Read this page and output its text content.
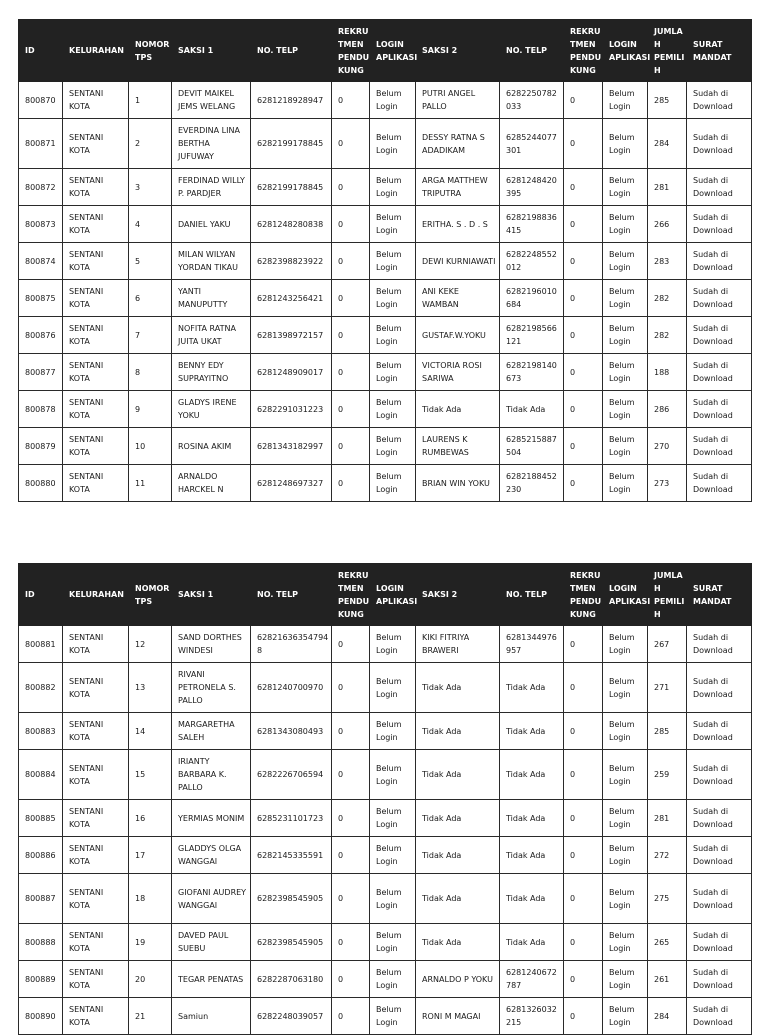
ID	KELURAHAN	NOMOR TPS	SAKSI 1	NO. TELP	REKRU TMEN PENDU KUNG	LOGIN APLIKASI	SAKSI 2	NO. TELP	REKRU TMEN PENDU KUNG	LOGIN APLIKASI	JUMLA H PEMILI H	SURAT MANDAT
800870	SENTANI KOTA	1	DEVIT MAIKEL JEMS WELANG	6281218928947	0	Belum Login	PUTRI ANGEL PALLO	6282250782033	0	Belum Login	285	Sudah di Download
800871	SENTANI KOTA	2	EVERDINA LINA BERTHA JUFUWAY	6282199178845	0	Belum Login	DESSY RATNA S ADADIKAM	6285244077301	0	Belum Login	284	Sudah di Download
800872	SENTANI KOTA	3	FERDINAD WILLY P. PARDJER	6282199178845	0	Belum Login	ARGA MATTHEW TRIPUTRA	6281248420395	0	Belum Login	281	Sudah di Download
800873	SENTANI KOTA	4	DANIEL YAKU	6281248280838	0	Belum Login	ERITHA. S . D . S	6282198836415	0	Belum Login	266	Sudah di Download
800874	SENTANI KOTA	5	MILAN WILYAN YORDAN TIKAU	6282398823922	0	Belum Login	DEWI KURNIAWATI	6282248552012	0	Belum Login	283	Sudah di Download
800875	SENTANI KOTA	6	YANTI MANUPUTTY	6281243256421	0	Belum Login	ANI KEKE WAMBAN	6282196010684	0	Belum Login	282	Sudah di Download
800876	SENTANI KOTA	7	NOFITA RATNA JUITA UKAT	6281398972157	0	Belum Login	GUSTAF.W.YOKU	6282198566121	0	Belum Login	282	Sudah di Download
800877	SENTANI KOTA	8	BENNY EDY SUPRAYITNO	6281248909017	0	Belum Login	VICTORIA ROSI SARIWA	6282198140673	0	Belum Login	188	Sudah di Download
800878	SENTANI KOTA	9	GLADYS IRENE YOKU	6282291031223	0	Belum Login	Tidak Ada	Tidak Ada	0	Belum Login	286	Sudah di Download
800879	SENTANI KOTA	10	ROSINA AKIM	6281343182997	0	Belum Login	LAURENS K RUMBEWAS	6285215887504	0	Belum Login	270	Sudah di Download
800880	SENTANI KOTA	11	ARNALDO HARCKEL N	6281248697327	0	Belum Login	BRIAN WIN YOKU	6282188452230	0	Belum Login	273	Sudah di Download
ID	KELURAHAN	NOMOR TPS	SAKSI 1	NO. TELP	REKRU TMEN PENDU KUNG	LOGIN APLIKASI	SAKSI 2	NO. TELP	REKRU TMEN PENDU KUNG	LOGIN APLIKASI	JUMLA H PEMILI H	SURAT MANDAT
800881	SENTANI KOTA	12	SAND DORTHES WINDESI	628216363547948	0	Belum Login	KIKI FITRIYA BRAWERI	6281344976957	0	Belum Login	267	Sudah di Download
800882	SENTANI KOTA	13	RIVANI PETRONELA S. PALLO	6281240700970	0	Belum Login	Tidak Ada	Tidak Ada	0	Belum Login	271	Sudah di Download
800883	SENTANI KOTA	14	MARGARETHA SALEH	6281343080493	0	Belum Login	Tidak Ada	Tidak Ada	0	Belum Login	285	Sudah di Download
800884	SENTANI KOTA	15	IRIANTY BARBARA K. PALLO	6282226706594	0	Belum Login	Tidak Ada	Tidak Ada	0	Belum Login	259	Sudah di Download
800885	SENTANI KOTA	16	YERMIAS MONIM	6285231101723	0	Belum Login	Tidak Ada	Tidak Ada	0	Belum Login	281	Sudah di Download
800886	SENTANI KOTA	17	GLADDYS OLGA WANGGAI	6282145335591	0	Belum Login	Tidak Ada	Tidak Ada	0	Belum Login	272	Sudah di Download
800887	SENTANI KOTA	18	GIOFANI AUDREY WANGGAI	6282398545905	0	Belum Login	Tidak Ada	Tidak Ada	0	Belum Login	275	Sudah di Download
800888	SENTANI KOTA	19	DAVED PAUL SUEBU	6282398545905	0	Belum Login	Tidak Ada	Tidak Ada	0	Belum Login	265	Sudah di Download
800889	SENTANI KOTA	20	TEGAR PENATAS	6282287063180	0	Belum Login	ARNALDO P YOKU	6281240672787	0	Belum Login	261	Sudah di Download
800890	SENTANI KOTA	21	Samiun	6282248039057	0	Belum Login	RONI M MAGAI	6281326032215	0	Belum Login	284	Sudah di Download
